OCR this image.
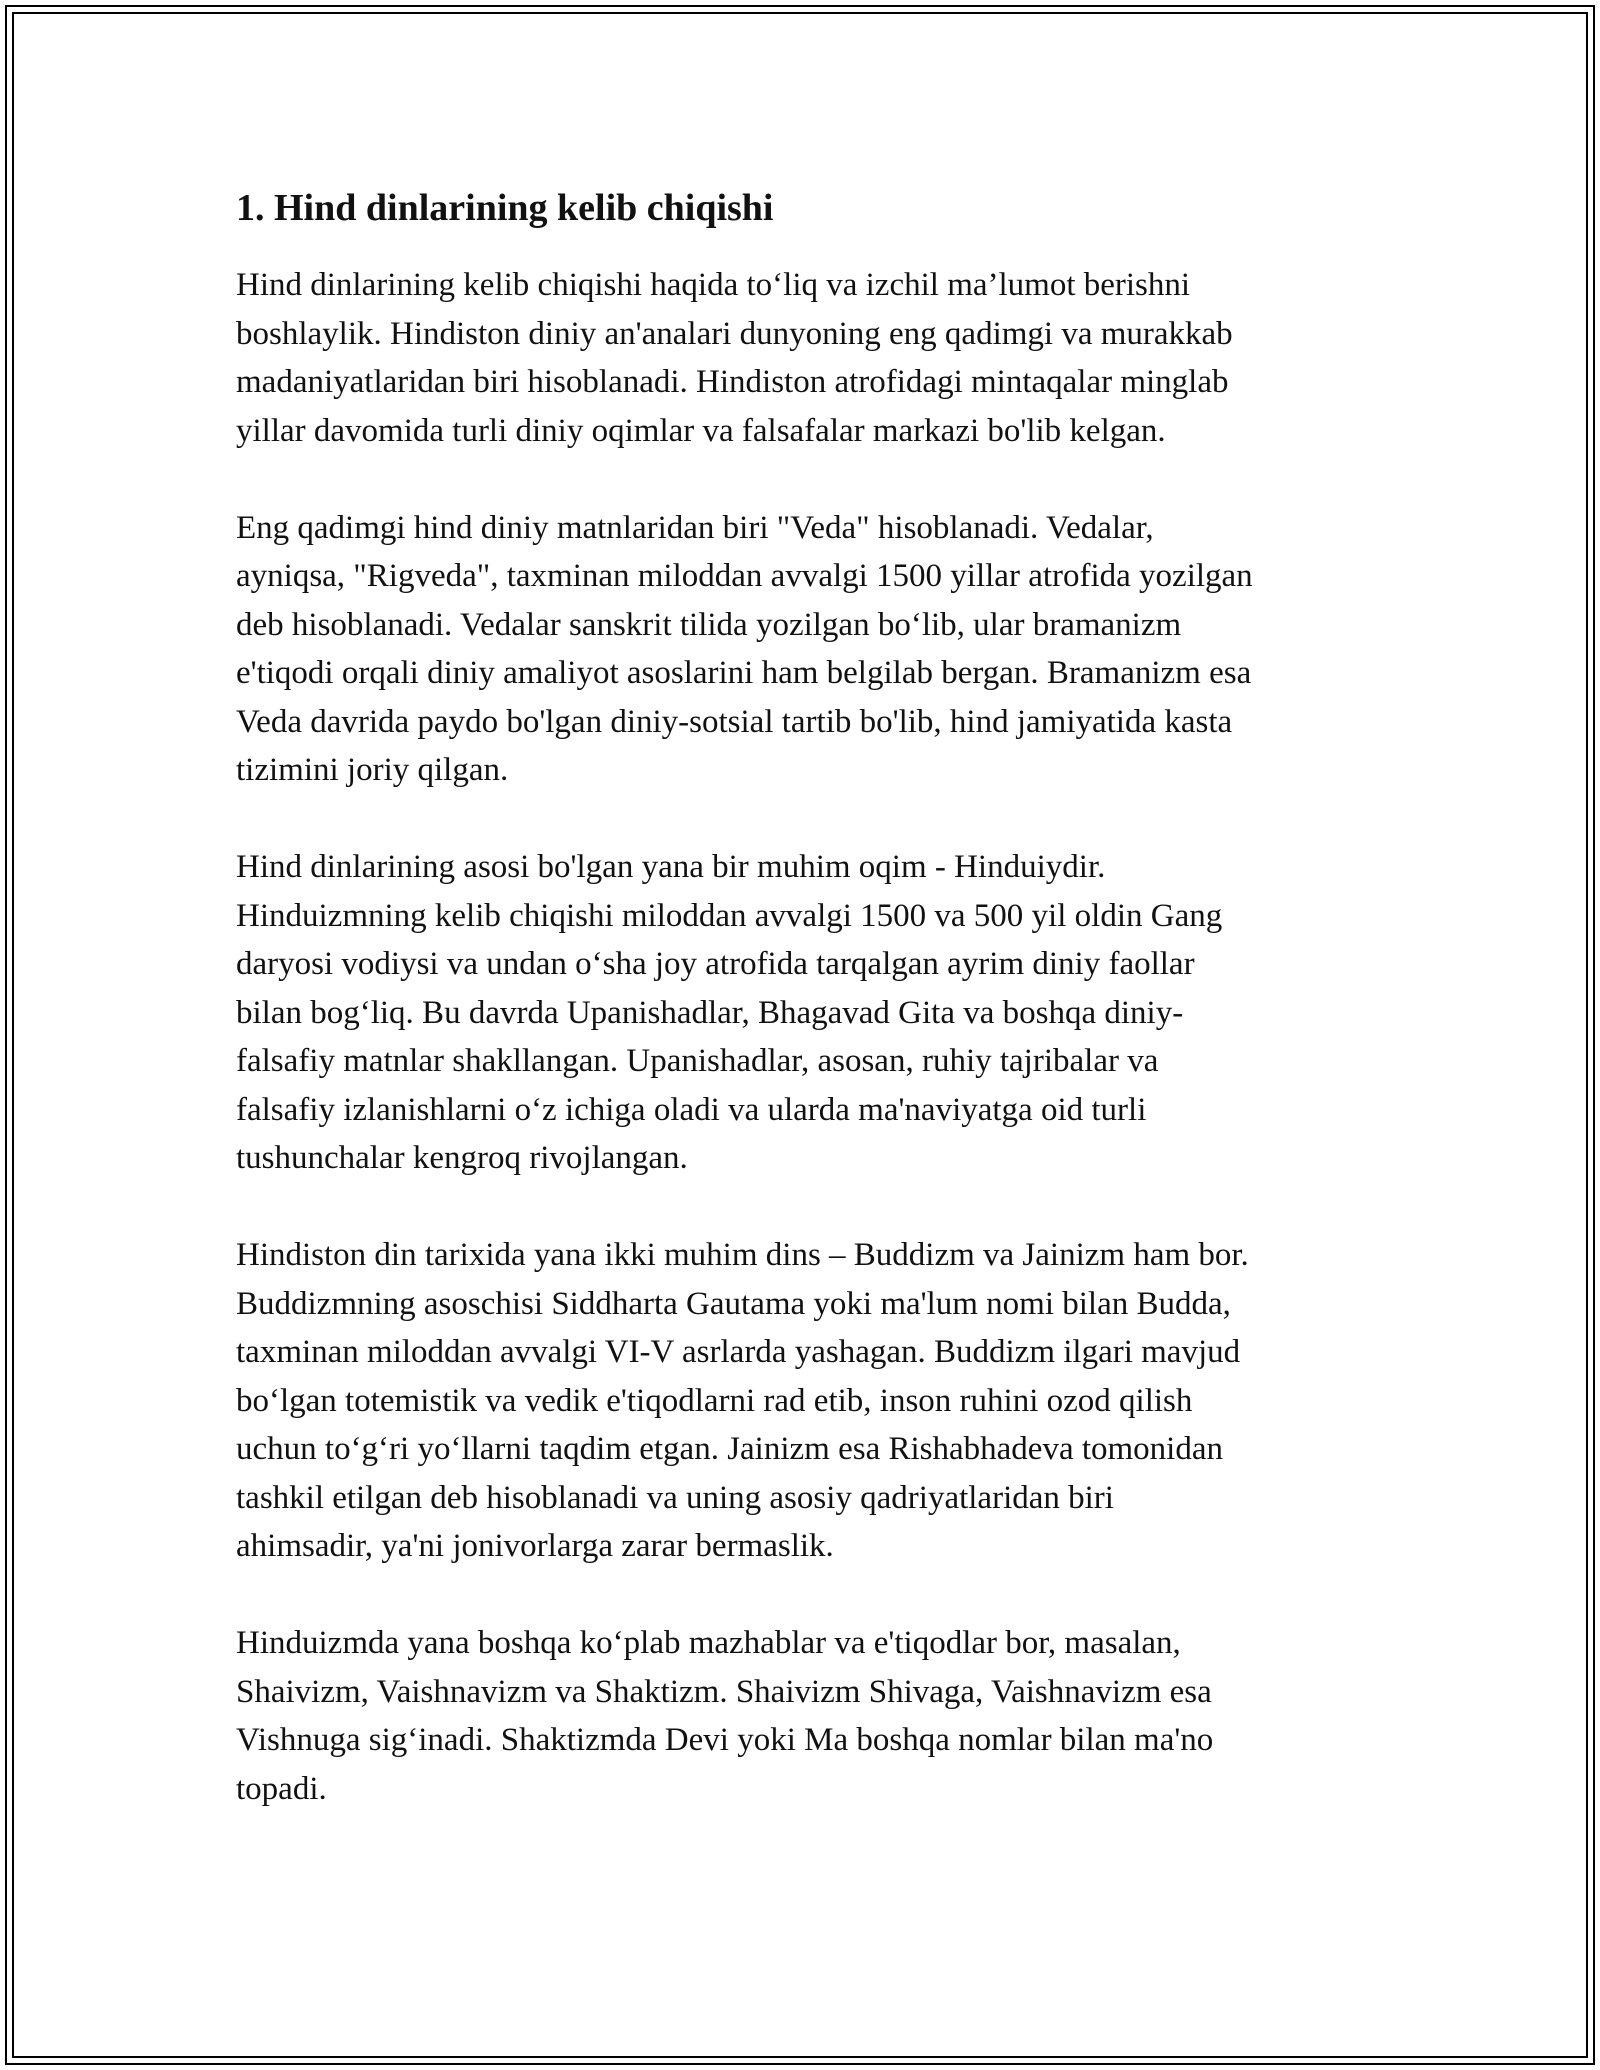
1. Hind dinlarining kelib chiqishi

Hind dinlarining kelib chiqishi haqida to‘liq va izchil ma’lumot berishni
boshlaylik. Hindiston diniy an'analari dunyoning eng qadimgi va murakkab
madaniyatlaridan biri hisoblanadi. Hindiston atrofidagi mintaqalar minglab
yillar davomida turli diniy oqimlar va falsafalar markazi bo'lib kelgan.

Eng qadimgi hind diniy matnlaridan biri "Veda" hisoblanadi. Vedalar,
ayniqsa, "Rigveda", taxminan miloddan avvalgi 1500 yillar atrofida yozilgan
deb hisoblanadi. Vedalar sanskrit tilida yozilgan bo‘lib, ular bramanizm
e'tiqodi orqali diniy amaliyot asoslarini ham belgilab bergan. Bramanizm esa
Veda davrida paydo bo'lgan diniy-sotsial tartib bo'lib, hind jamiyatida kasta
tizimini joriy qilgan.

Hind dinlarining asosi bo'lgan yana bir muhim oqim - Hinduiydir.
Hinduizmning kelib chiqishi miloddan avvalgi 1500 va 500 yil oldin Gang
daryosi vodiysi va undan o‘sha joy atrofida tarqalgan ayrim diniy faollar
bilan bog‘liq. Bu davrda Upanishadlar, Bhagavad Gita va boshqa diniy-
falsafiy matnlar shakllangan. Upanishadlar, asosan, ruhiy tajribalar va
falsafiy izlanishlarni o‘z ichiga oladi va ularda ma'naviyatga oid turli
tushunchalar kengroq rivojlangan.

Hindiston din tarixida yana ikki muhim dins – Buddizm va Jainizm ham bor.
Buddizmning asoschisi Siddharta Gautama yoki ma'lum nomi bilan Budda,
taxminan miloddan avvalgi VI-V asrlarda yashagan. Buddizm ilgari mavjud
bo‘lgan totemistik va vedik e'tiqodlarni rad etib, inson ruhini ozod qilish
uchun to‘g‘ri yo‘llarni taqdim etgan. Jainizm esa Rishabhadeva tomonidan
tashkil etilgan deb hisoblanadi va uning asosiy qadriyatlaridan biri
ahimsadir, ya'ni jonivorlarga zarar bermaslik.

Hinduizmda yana boshqa ko‘plab mazhablar va e'tiqodlar bor, masalan,
Shaivizm, Vaishnavizm va Shaktizm. Shaivizm Shivaga, Vaishnavizm esa
Vishnuga sig‘inadi. Shaktizmda Devi yoki Ma boshqa nomlar bilan ma'no
topadi.
